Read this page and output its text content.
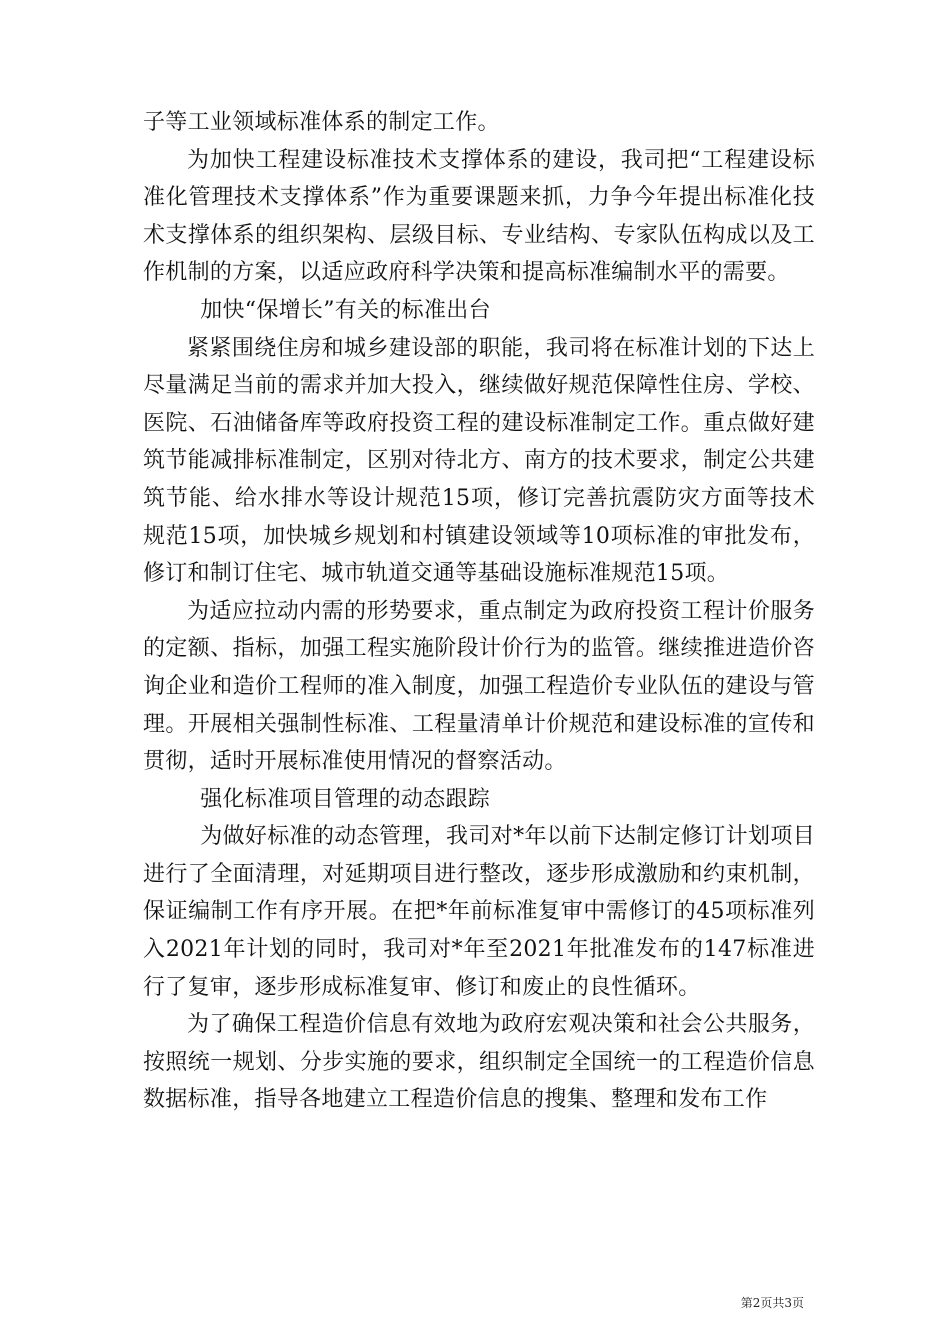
子等工业领域标准体系的制定工作。

为加快工程建设标准技术支撑体系的建设，我司把“工程建设标准化管理技术支撑体系”作为重要课题来抓，力争今年提出标准化技术支撑体系的组织架构、层级目标、专业结构、专家队伍构成以及工作机制的方案，以适应政府科学决策和提高标准编制水平的需要。

加快“保增长”有关的标准出台

紧紧围绕住房和城乡建设部的职能，我司将在标准计划的下达上尽量满足当前的需求并加大投入，继续做好规范保障性住房、学校、医院、石油储备库等政府投资工程的建设标准制定工作。重点做好建筑节能减排标准制定，区别对待北方、南方的技术要求，制定公共建筑节能、给水排水等设计规范15项，修订完善抗震防灾方面等技术规范15项，加快城乡规划和村镇建设领域等10项标准的审批发布，修订和制订住宅、城市轨道交通等基础设施标准规范15项。

为适应拉动内需的形势要求，重点制定为政府投资工程计价服务的定额、指标，加强工程实施阶段计价行为的监管。继续推进造价咨询企业和造价工程师的准入制度，加强工程造价专业队伍的建设与管理。开展相关强制性标准、工程量清单计价规范和建设标准的宣传和贯彻，适时开展标准使用情况的督察活动。

强化标准项目管理的动态跟踪

为做好标准的动态管理，我司对*年以前下达制定修订计划项目进行了全面清理，对延期项目进行整改，逐步形成激励和约束机制，保证编制工作有序开展。在把*年前标准复审中需修订的45项标准列入2021年计划的同时，我司对*年至2021年批准发布的147标准进行了复审，逐步形成标准复审、修订和废止的良性循环。

为了确保工程造价信息有效地为政府宏观决策和社会公共服务，按照统一规划、分步实施的要求，组织制定全国统一的工程造价信息数据标准，指导各地建立工程造价信息的搜集、整理和发布工作

第2页共3页
